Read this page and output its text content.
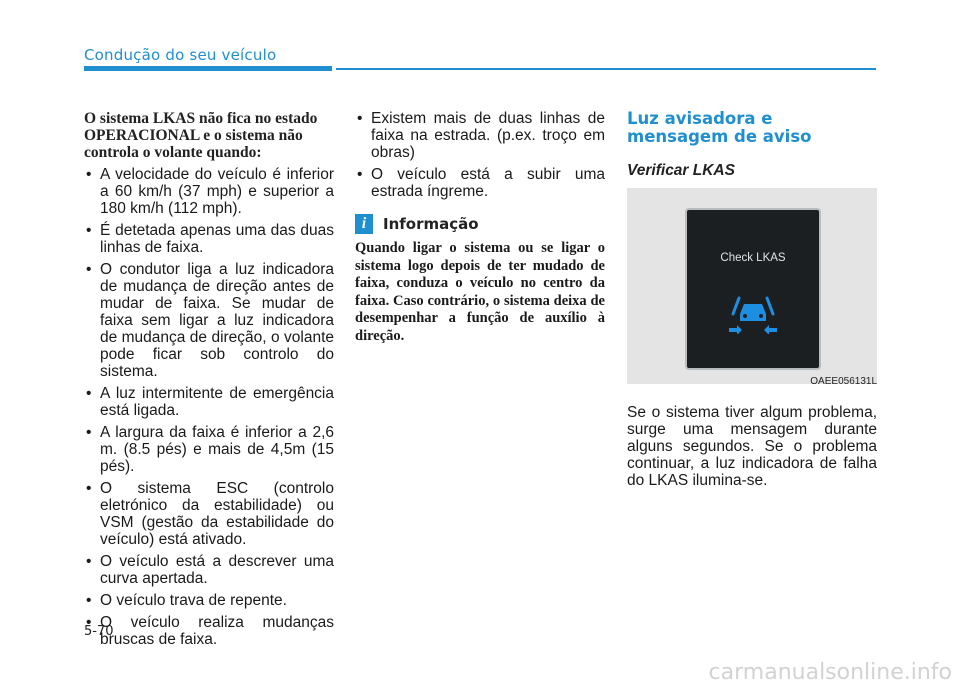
Condução do seu veículo

O sistema LKAS não fica no estado OPERACIONAL e o sistema não controla o volante quando:

• A velocidade do veículo é inferior a 60 km/h (37 mph) e superior a 180 km/h (112 mph).
• É detetada apenas uma das duas linhas de faixa.
• O condutor liga a luz indicadora de mudança de direção antes de mudar de faixa. Se mudar de faixa sem ligar a luz indicadora de mudança de direção, o volante pode ficar sob controlo do sistema.
• A luz intermitente de emergência está ligada.
• A largura da faixa é inferior a 2,6 m. (8.5 pés) e mais de 4,5m (15 pés).
• O sistema ESC (controlo eletrónico da estabilidade) ou VSM (gestão da estabilidade do veículo) está ativado.
• O veículo está a descrever uma curva apertada.
• O veículo trava de repente.
• O veículo realiza mudanças bruscas de faixa.
• Existem mais de duas linhas de faixa na estrada. (p.ex. troço em obras)
• O veículo está a subir uma estrada íngreme.
i	Informação

Quando ligar o sistema ou se ligar o sistema logo depois de ter mudado de faixa, conduza o veículo no centro da faixa. Caso contrário, o sistema deixa de desempenhar a função de auxílio à direção.

Luz avisadora e mensagem de aviso
Verificar LKAS
Check LKAS
OAEE056131L

Se o sistema tiver algum problema, surge uma mensagem durante alguns segundos. Se o problema continuar, a luz indicadora de falha do LKAS ilumina-se.

5-70
carmanualsonline.info
